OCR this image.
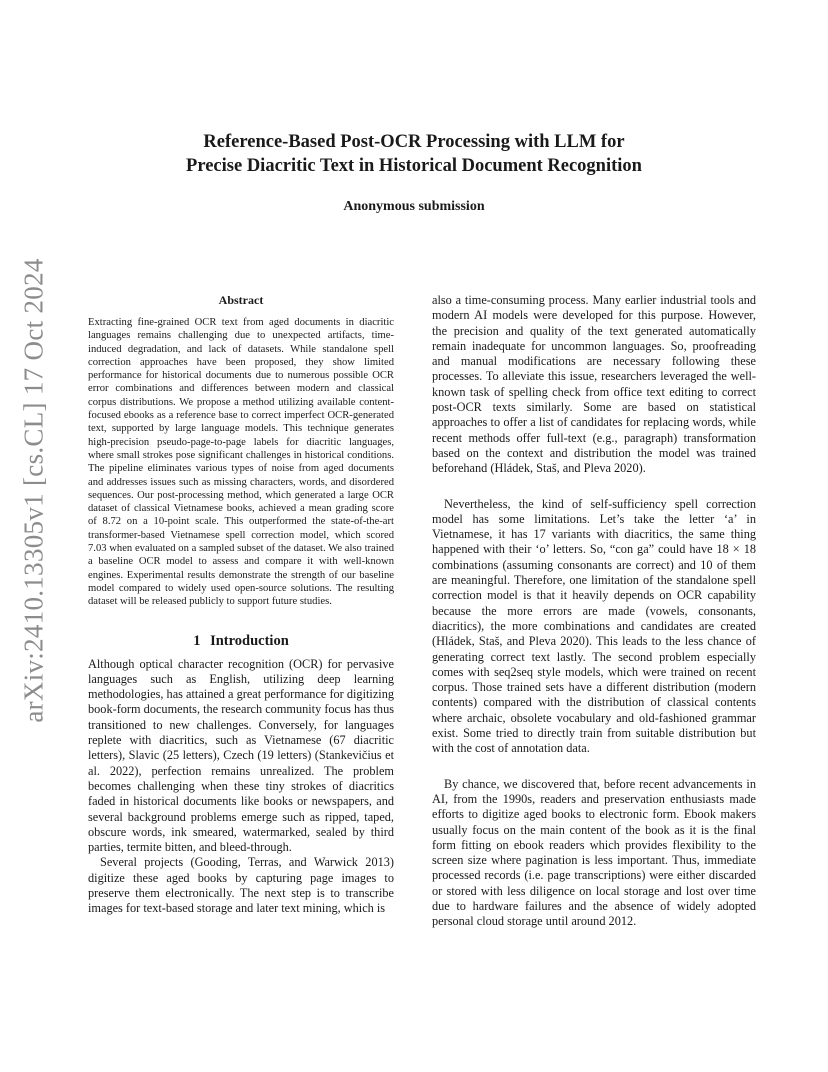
arXiv:2410.13305v1 [cs.CL] 17 Oct 2024
Reference-Based Post-OCR Processing with LLM for
Precise Diacritic Text in Historical Document Recognition

Anonymous submission

Abstract

Extracting fine-grained OCR text from aged documents in diacritic languages remains challenging due to unexpected artifacts, time-induced degradation, and lack of datasets. While standalone spell correction approaches have been proposed, they show limited performance for historical documents due to numerous possible OCR error combinations and differences between modern and classical corpus distributions. We propose a method utilizing available content-focused ebooks as a reference base to correct imperfect OCR-generated text, supported by large language models. This technique generates high-precision pseudo-page-to-page labels for diacritic languages, where small strokes pose significant challenges in historical conditions. The pipeline eliminates various types of noise from aged documents and addresses issues such as missing characters, words, and disordered sequences. Our post-processing method, which generated a large OCR dataset of classical Vietnamese books, achieved a mean grading score of 8.72 on a 10-point scale. This outperformed the state-of-the-art transformer-based Vietnamese spell correction model, which scored 7.03 when evaluated on a sampled subset of the dataset. We also trained a baseline OCR model to assess and compare it with well-known engines. Experimental results demonstrate the strength of our baseline model compared to widely used open-source solutions. The resulting dataset will be released publicly to support future studies.

1 Introduction

Although optical character recognition (OCR) for pervasive languages such as English, utilizing deep learning methodologies, has attained a great performance for digitizing book-form documents, the research community focus has thus transitioned to new challenges. Conversely, for languages replete with diacritics, such as Vietnamese (67 diacritic letters), Slavic (25 letters), Czech (19 letters) (Stankevičius et al. 2022), perfection remains unrealized. The problem becomes challenging when these tiny strokes of diacritics faded in historical documents like books or newspapers, and several background problems emerge such as ripped, taped, obscure words, ink smeared, watermarked, sealed by third parties, termite bitten, and bleed-through.

Several projects (Gooding, Terras, and Warwick 2013) digitize these aged books by capturing page images to preserve them electronically. The next step is to transcribe images for text-based storage and later text mining, which is

also a time-consuming process. Many earlier industrial tools and modern AI models were developed for this purpose. However, the precision and quality of the text generated automatically remain inadequate for uncommon languages. So, proofreading and manual modifications are necessary following these processes. To alleviate this issue, researchers leveraged the well-known task of spelling check from office text editing to correct post-OCR texts similarly. Some are based on statistical approaches to offer a list of candidates for replacing words, while recent methods offer full-text (e.g., paragraph) transformation based on the context and distribution the model was trained beforehand (Hládek, Staš, and Pleva 2020).

Nevertheless, the kind of self-sufficiency spell correction model has some limitations. Let’s take the letter ‘a’ in Vietnamese, it has 17 variants with diacritics, the same thing happened with their ‘o’ letters. So, “con ga” could have 18 × 18 combinations (assuming consonants are correct) and 10 of them are meaningful. Therefore, one limitation of the standalone spell correction model is that it heavily depends on OCR capability because the more errors are made (vowels, consonants, diacritics), the more combinations and candidates are created (Hládek, Staš, and Pleva 2020). This leads to the less chance of generating correct text lastly. The second problem especially comes with seq2seq style models, which were trained on recent corpus. Those trained sets have a different distribution (modern contents) compared with the distribution of classical contents where archaic, obsolete vocabulary and old-fashioned grammar exist. Some tried to directly train from suitable distribution but with the cost of annotation data.

By chance, we discovered that, before recent advancements in AI, from the 1990s, readers and preservation enthusiasts made efforts to digitize aged books to electronic form. Ebook makers usually focus on the main content of the book as it is the final form fitting on ebook readers which provides flexibility to the screen size where pagination is less important. Thus, immediate processed records (i.e. page transcriptions) were either discarded or stored with less diligence on local storage and lost over time due to hardware failures and the absence of widely adopted personal cloud storage until around 2012.
